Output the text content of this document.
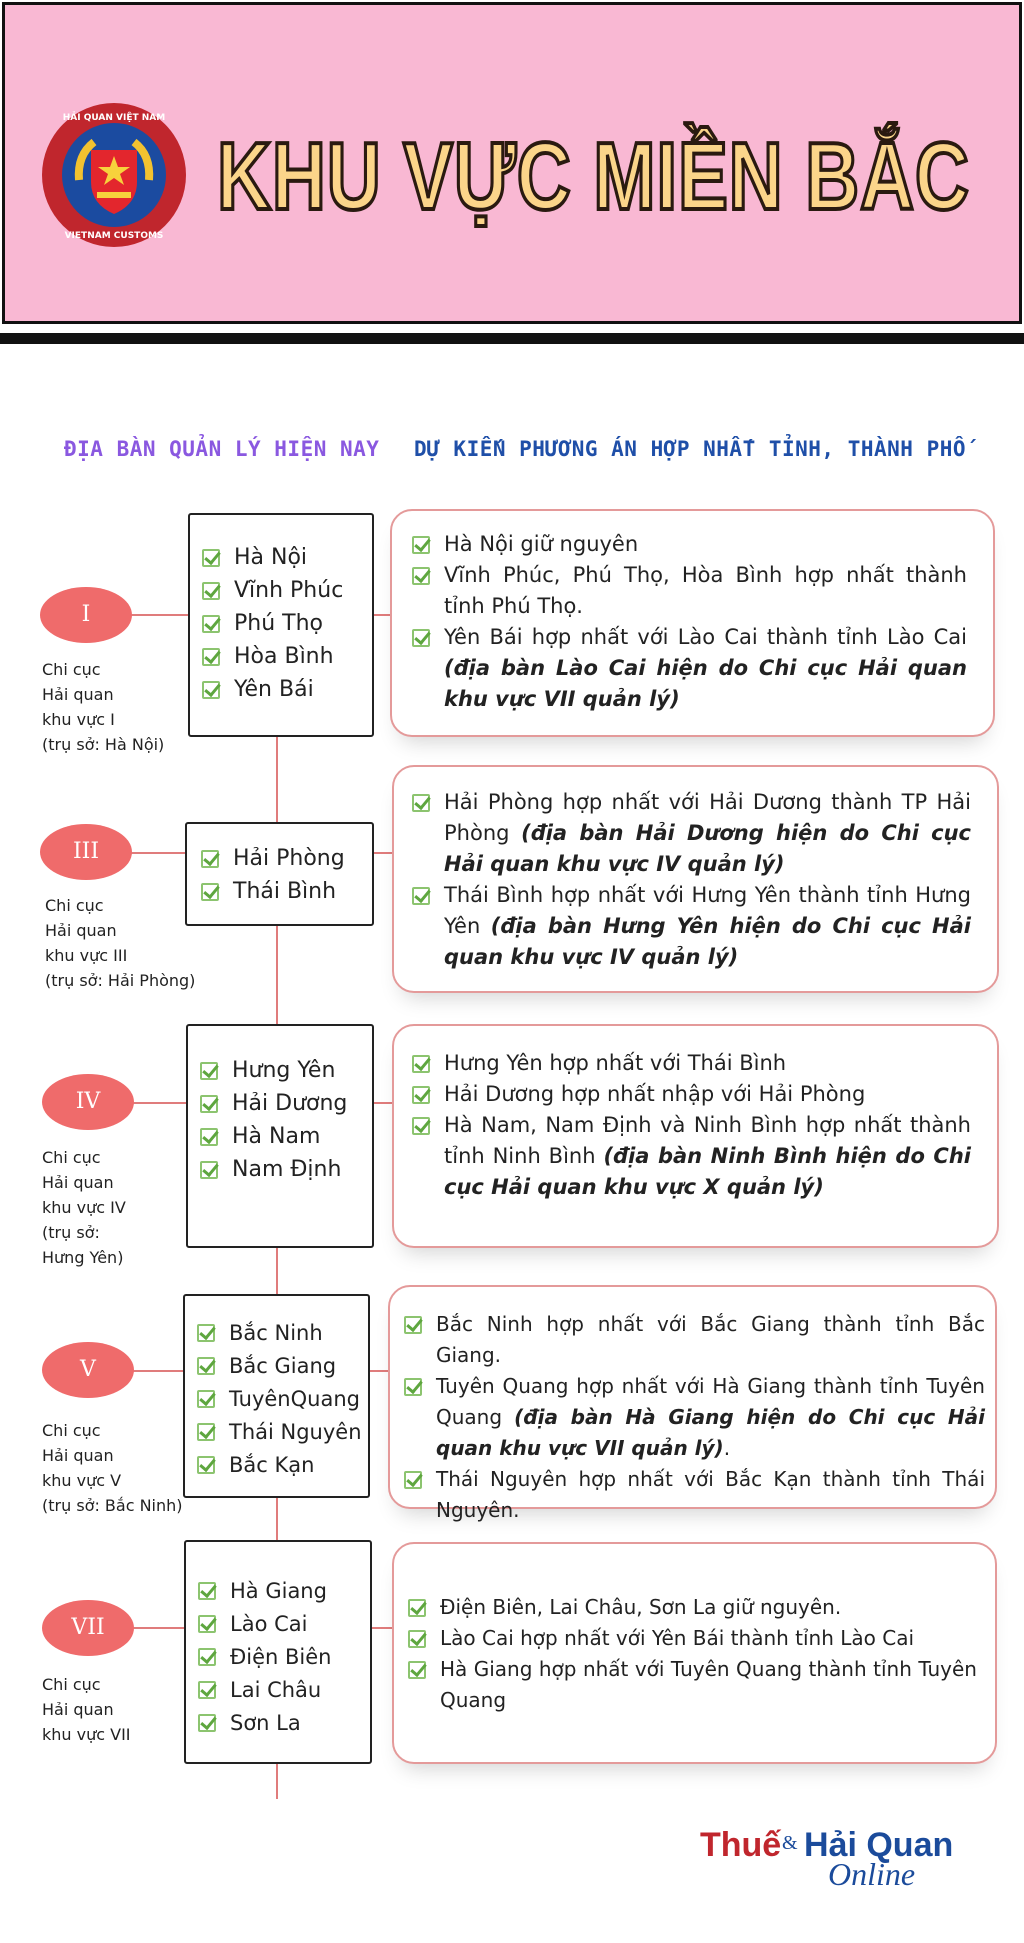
HẢI QUAN VIỆT NAM
VIETNAM CUSTOMS
KHU VỰC MIỀN BẮC
ĐỊA BÀN QUẢN LÝ HIỆN NAY DỰ KIẾN PHƯƠNG ÁN HỢP NHẤT TỈNH, THÀNH PHỐ
I
Chi cục
Hải quan
khu vực I
(trụ sở: Hà Nội)
Hà Nội
Vĩnh Phúc
Phú Thọ
Hòa Bình
Yên Bái
Hà Nội giữ nguyên
Vĩnh Phúc, Phú Thọ, Hòa Bình hợp nhất thành tỉnh Phú Thọ.
Yên Bái hợp nhất với Lào Cai thành tỉnh Lào Cai (địa bàn Lào Cai hiện do Chi cục Hải quan khu vực VII quản lý)
III
Chi cục
Hải quan
khu vực III
(trụ sở: Hải Phòng)
Hải Phòng
Thái Bình
Hải Phòng hợp nhất với Hải Dương thành TP Hải Phòng (địa bàn Hải Dương hiện do Chi cục Hải quan khu vực IV quản lý)
Thái Bình hợp nhất với Hưng Yên thành tỉnh Hưng Yên (địa bàn Hưng Yên hiện do Chi cục Hải quan khu vực IV quản lý)
IV
Chi cục
Hải quan
khu vực IV
(trụ sở:
Hưng Yên)
Hưng Yên
Hải Dương
Hà Nam
Nam Định
Hưng Yên hợp nhất với Thái Bình
Hải Dương hợp nhất nhập với Hải Phòng
Hà Nam, Nam Định và Ninh Bình hợp nhất thành tỉnh Ninh Bình (địa bàn Ninh Bình hiện do Chi cục Hải quan khu vực X quản lý)
V
Chi cục
Hải quan
khu vực V
(trụ sở: Bắc Ninh)
Bắc Ninh
Bắc Giang
TuyênQuang
Thái Nguyên
Bắc Kạn
Bắc Ninh hợp nhất với Bắc Giang thành tỉnh Bắc Giang.
Tuyên Quang hợp nhất với Hà Giang thành tỉnh Tuyên Quang (địa bàn Hà Giang hiện do Chi cục Hải quan khu vực VII quản lý).
Thái Nguyên hợp nhất với Bắc Kạn thành tỉnh Thái Nguyên.
VII
Chi cục
Hải quan
khu vực VII
Hà Giang
Lào Cai
Điện Biên
Lai Châu
Sơn La
Điện Biên, Lai Châu, Sơn La giữ nguyên.
Lào Cai hợp nhất với Yên Bái thành tỉnh Lào Cai
Hà Giang hợp nhất với Tuyên Quang thành tỉnh Tuyên Quang
Thuế & Hải Quan
Online
